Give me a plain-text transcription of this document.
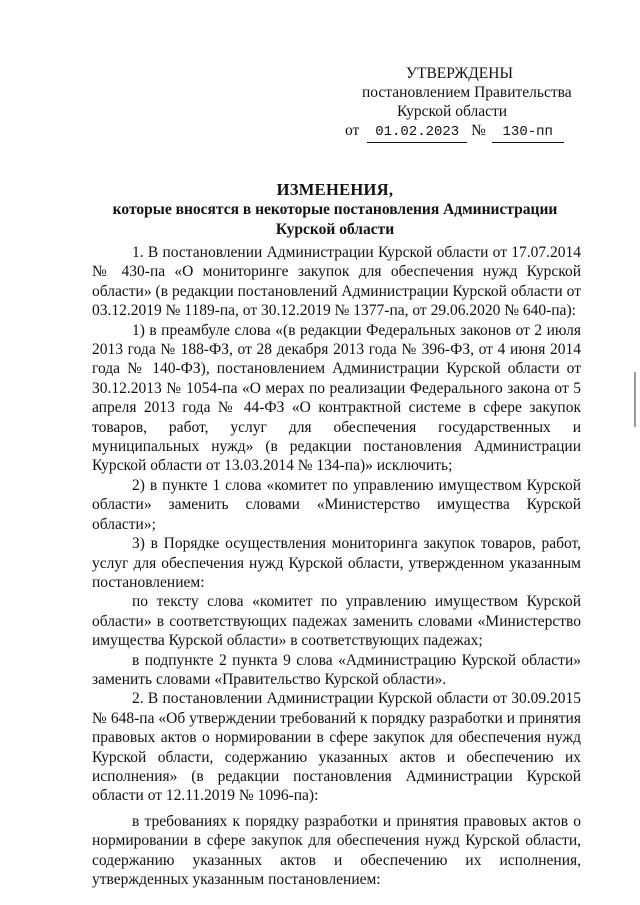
УТВЕРЖДЕНЫ
постановлением Правительства
Курской области
от 01.02.2023 № 130-пп
ИЗМЕНЕНИЯ,
которые вносятся в некоторые постановления Администрации Курской области

1. В постановлении Администрации Курской области от 17.07.2014 № 430-па «О мониторинге закупок для обеспечения нужд Курской области» (в редакции постановлений Администрации Курской области от 03.12.2019 № 1189-па, от 30.12.2019 № 1377-па, от 29.06.2020 № 640-па):

1) в преамбуле слова «(в редакции Федеральных законов от 2 июля 2013 года № 188-ФЗ, от 28 декабря 2013 года № 396-ФЗ, от 4 июня 2014 года № 140-ФЗ), постановлением Администрации Курской области от 30.12.2013 № 1054-па «О мерах по реализации Федерального закона от 5 апреля 2013 года № 44-ФЗ «О контрактной системе в сфере закупок товаров, работ, услуг для обеспечения государственных и муниципальных нужд» (в редакции постановления Администрации Курской области от 13.03.2014 № 134-па)» исключить;

2) в пункте 1 слова «комитет по управлению имуществом Курской области» заменить словами «Министерство имущества Курской области»;

3) в Порядке осуществления мониторинга закупок товаров, работ, услуг для обеспечения нужд Курской области, утвержденном указанным постановлением:

по тексту слова «комитет по управлению имуществом Курской области» в соответствующих падежах заменить словами «Министерство имущества Курской области» в соответствующих падежах;

в подпункте 2 пункта 9 слова «Администрацию Курской области» заменить словами «Правительство Курской области».

2. В постановлении Администрации Курской области от 30.09.2015 № 648-па «Об утверждении требований к порядку разработки и принятия правовых актов о нормировании в сфере закупок для обеспечения нужд Курской области, содержанию указанных актов и обеспечению их исполнения» (в редакции постановления Администрации Курской области от 12.11.2019 № 1096-па):

в требованиях к порядку разработки и принятия правовых актов о нормировании в сфере закупок для обеспечения нужд Курской области, содержанию указанных актов и обеспечению их исполнения, утвержденных указанным постановлением:
